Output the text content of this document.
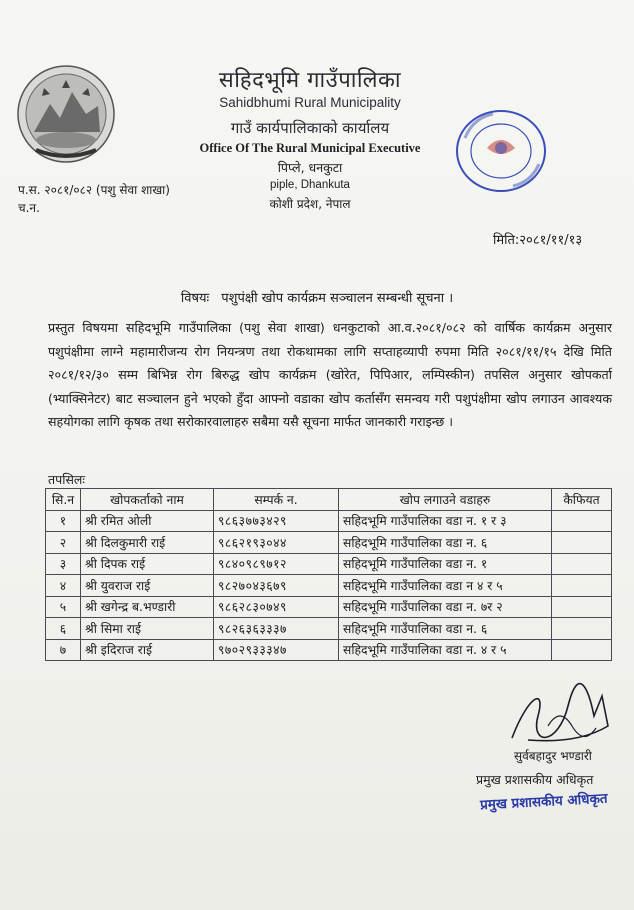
सहिदभूमि गाउँपालिका
Sahidbhumi Rural Municipality
गाउँ कार्यपालिकाको कार्यालय
Office Of The Rural Municipal Executive
पिप्ले, धनकुटा
piple, Dhankuta
कोशी प्रदेश, नेपाल
प.स. २०८१/०८२ (पशु सेवा शाखा)
च.न.
मिति:२०८१/११/१३
विषयः पशुपंक्षी खोप कार्यक्रम सञ्चालन सम्बन्धी सूचना ।
प्रस्तुत विषयमा सहिदभूमि गाउँपालिका (पशु सेवा शाखा) धनकुटाको आ.व.२०८१/०८२ को वार्षिक कार्यक्रम अनुसार पशुपंक्षीमा लाग्ने महामारीजन्य रोग नियन्त्रण तथा रोकथामका लागि सप्ताहव्यापी रुपमा मिति २०८१/११/१५ देखि मिति २०८१/१२/३० सम्म बिभिन्न रोग बिरुद्ध खोप कार्यक्रम (खोरेत, पिपिआर, लम्पिस्कीन) तपसिल अनुसार खोपकर्ता (भ्याक्सिनेटर) बाट सञ्चालन हुने भएको हुँदा आफ्नो वडाका खोप कर्तासँग समन्वय गरी पशुपंक्षीमा खोप लगाउन आवश्यक सहयोगका लागि कृषक तथा सरोकारवालाहरु सबैमा यसै सूचना मार्फत जानकारी गराइन्छ ।
तपसिलः
सि.न	खोपकर्ताको नाम	सम्पर्क न.	खोप लगाउने वडाहरु	कैफियत
१	श्री रमित ओली	९८६३७७३४२९	सहिदभूमि गाउँपालिका वडा न. १ र ३	
२	श्री दिलकुमारी राई	९८६२१९३०४४	सहिदभूमि गाउँपालिका वडा न. ६	
३	श्री दिपक राई	९८४०९८९७१२	सहिदभूमि गाउँपालिका वडा न. १	
४	श्री युवराज राई	९८२७०४३६७९	सहिदभूमि गाउँपालिका वडा न ४ र ५	
५	श्री खगेन्द्र ब.भण्डारी	९८६२८३०७४९	सहिदभूमि गाउँपालिका वडा न. ७र २	
६	श्री सिमा राई	९८२६३६३३३७	सहिदभूमि गाउँपालिका वडा न. ६	
७	श्री इदिराज राई	९७०२९३३३४७	सहिदभूमि गाउँपालिका वडा न. ४ र ५	
सुर्वबहादुर भण्डारी
प्रमुख प्रशासकीय अधिकृत
प्रमुख प्रशासकीय अधिकृत
